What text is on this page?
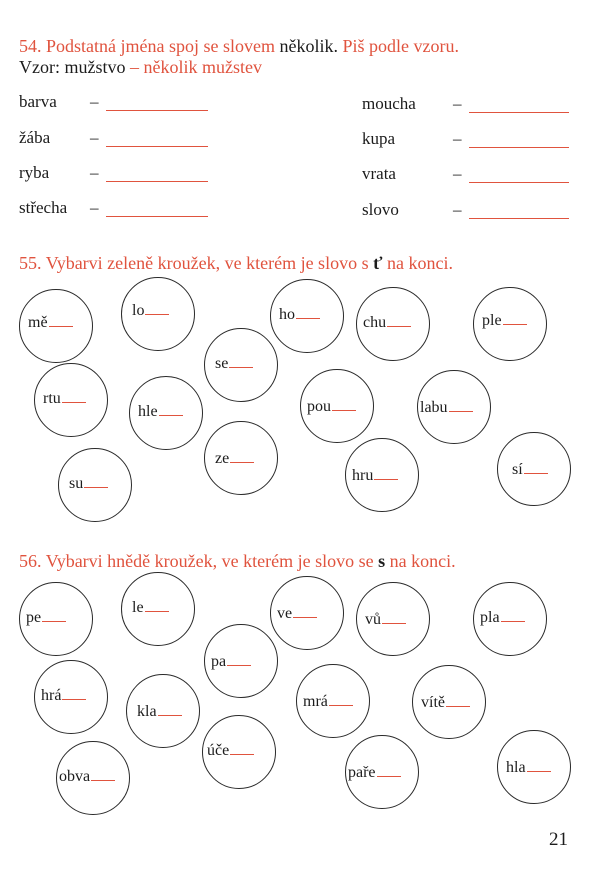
54. Podstatná jména spoj se slovem několik. Piš podle vzoru.
Vzor: mužstvo – několik mužstev
barva –
žába –
ryba –
střecha –
moucha –
kupa	–
vrata	–
slovo	–
55. Vybarvi zeleně kroužek, ve kterém je slovo s ť na konci.
mě
lo	ho	chu	ple
se
rtu
hle	pou	labu
ze
su	hru	sí
56. Vybarvi hnědě kroužek, ve kterém je slovo se s na konci.
pe
le	ve	vů	pla
pa
hrá
kla
mrá	vítě
úče
obva	paře	hla
21
